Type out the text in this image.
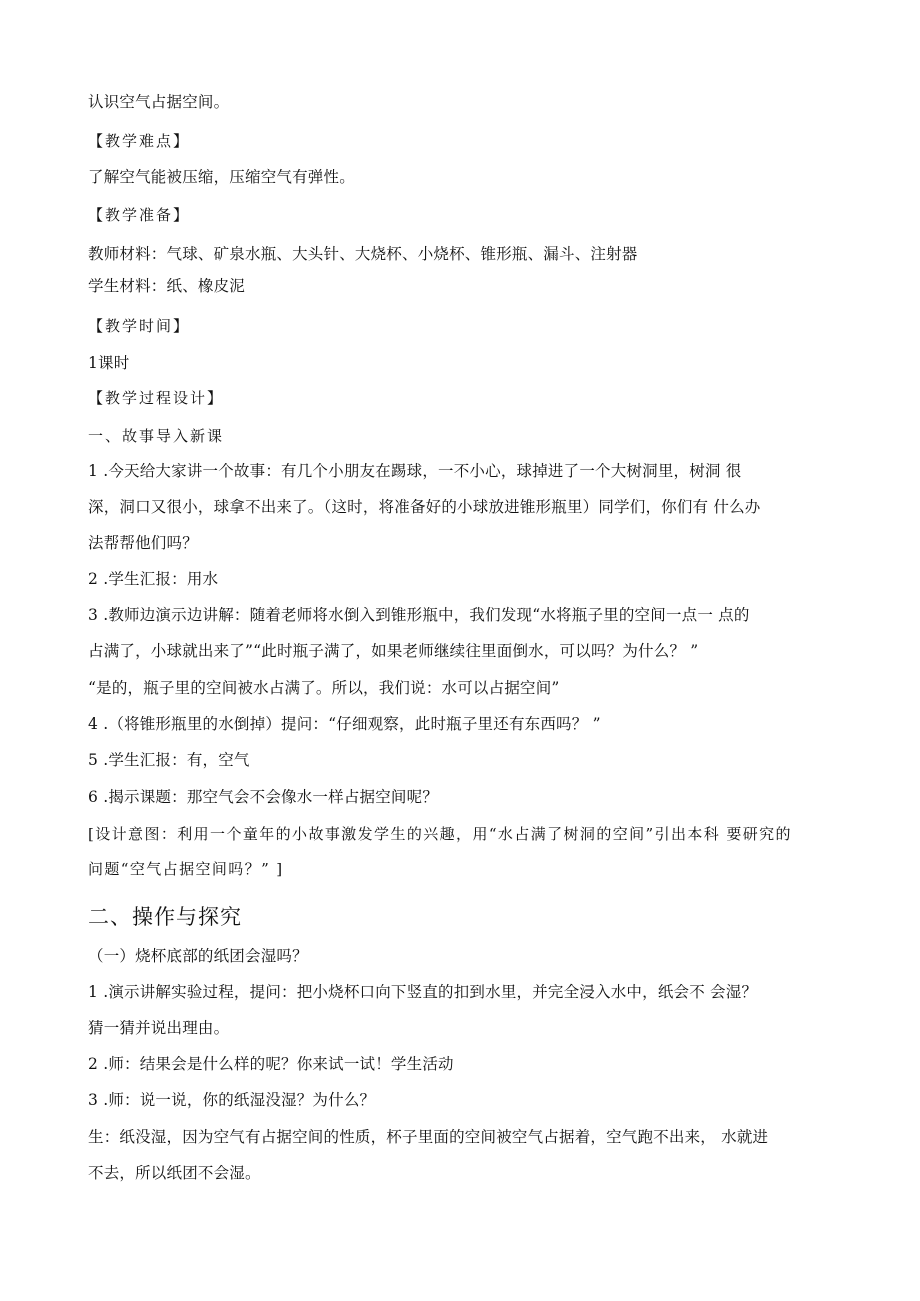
认识空气占据空间。
【教学难点】
了解空气能被压缩，压缩空气有弹性。
【教学准备】
教师材料：气球、矿泉水瓶、大头针、大烧杯、小烧杯、锥形瓶、漏斗、注射器
学生材料：纸、橡皮泥
【教学时间】
1课时
【教学过程设计】
一、故事导入新课
1 .今天给大家讲一个故事：有几个小朋友在踢球，一不小心，球掉进了一个大树洞里，树洞 很
深，洞口又很小，球拿不出来了。（这时，将准备好的小球放进锥形瓶里）同学们，你们有 什么办
法帮帮他们吗？
2 .学生汇报：用水
3 .教师边演示边讲解：随着老师将水倒入到锥形瓶中，我们发现“水将瓶子里的空间一点一 点的
占满了，小球就出来了”“此时瓶子满了，如果老师继续往里面倒水，可以吗？为什么？ ”
“是的，瓶子里的空间被水占满了。所以，我们说：水可以占据空间”
4 .（将锥形瓶里的水倒掉）提问：“仔细观察，此时瓶子里还有东西吗？ ”
5 .学生汇报：有，空气
6 .揭示课题：那空气会不会像水一样占据空间呢？
[设计意图：利用一个童年的小故事激发学生的兴趣，用“水占满了树洞的空间”引出本科 要研究的
问题“空气占据空间吗？” ]
二、操作与探究
（一）烧杯底部的纸团会湿吗？
1 .演示讲解实验过程，提问：把小烧杯口向下竖直的扣到水里，并完全浸入水中，纸会不 会湿？
猜一猜并说出理由。
2 .师：结果会是什么样的呢？你来试一试！学生活动
3 .师：说一说，你的纸湿没湿？为什么？
生：纸没湿，因为空气有占据空间的性质，杯子里面的空间被空气占据着，空气跑不出来， 水就进
不去，所以纸团不会湿。
